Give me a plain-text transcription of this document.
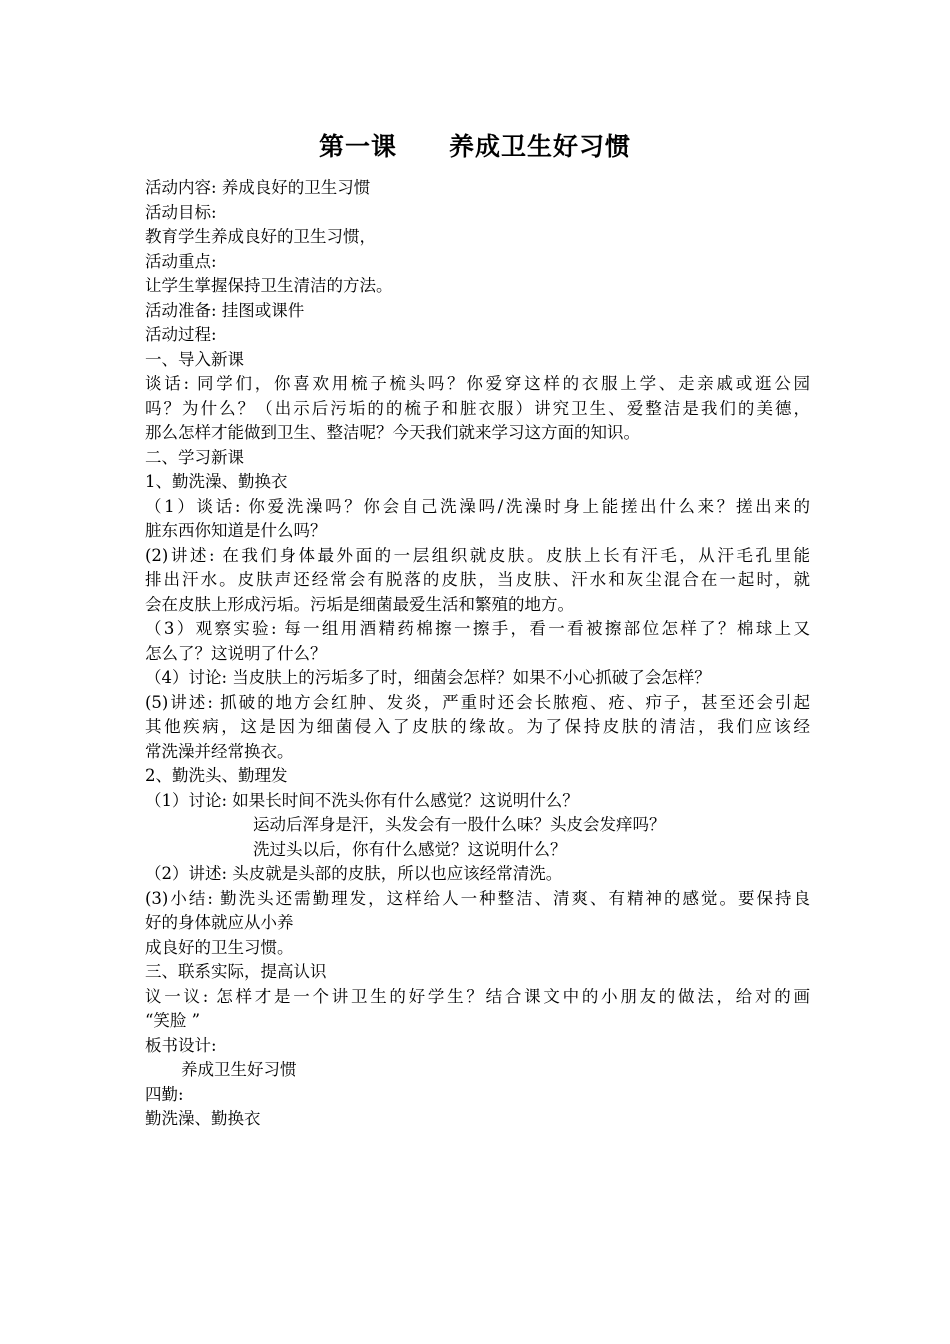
第一课　　养成卫生好习惯
活动内容: 养成良好的卫生习惯
活动目标:
教育学生养成良好的卫生习惯，
活动重点:
让学生掌握保持卫生清洁的方法。
活动准备: 挂图或课件
活动过程:
一、导入新课
谈话: 同学们，你喜欢用梳子梳头吗？你爱穿这样的衣服上学、走亲戚或逛公园
吗？为什么？（出示后污垢的的梳子和脏衣服）讲究卫生、爱整洁是我们的美德，
那么怎样才能做到卫生、整洁呢？今天我们就来学习这方面的知识。
二、学习新课
1、勤洗澡、勤换衣
（1）谈话: 你爱洗澡吗？你会自己洗澡吗/洗澡时身上能搓出什么来？搓出来的
脏东西你知道是什么吗？
(2)讲述: 在我们身体最外面的一层组织就皮肤。皮肤上长有汗毛，从汗毛孔里能
排出汗水。皮肤声还经常会有脱落的皮肤，当皮肤、汗水和灰尘混合在一起时，就
会在皮肤上形成污垢。污垢是细菌最爱生活和繁殖的地方。
（3）观察实验: 每一组用酒精药棉擦一擦手，看一看被擦部位怎样了？棉球上又
怎么了？这说明了什么？
（4）讨论: 当皮肤上的污垢多了时，细菌会怎样？如果不小心抓破了会怎样？
(5)讲述: 抓破的地方会红肿、发炎，严重时还会长脓疱、疮、疖子，甚至还会引起
其他疾病，这是因为细菌侵入了皮肤的缘故。为了保持皮肤的清洁，我们应该经
常洗澡并经常换衣。
2、勤洗头、勤理发
（1）讨论: 如果长时间不洗头你有什么感觉？这说明什么？
运动后浑身是汗，头发会有一股什么味？头皮会发痒吗？
洗过头以后，你有什么感觉？这说明什么？
（2）讲述: 头皮就是头部的皮肤，所以也应该经常清洗。
(3)小结: 勤洗头还需勤理发，这样给人一种整洁、清爽、有精神的感觉。要保持良
好的身体就应从小养
成良好的卫生习惯。
三、联系实际，提高认识
议一议: 怎样才是一个讲卫生的好学生？结合课文中的小朋友的做法，给对的画
“笑脸 ”
板书设计:
养成卫生好习惯
四勤:
勤洗澡、勤换衣
